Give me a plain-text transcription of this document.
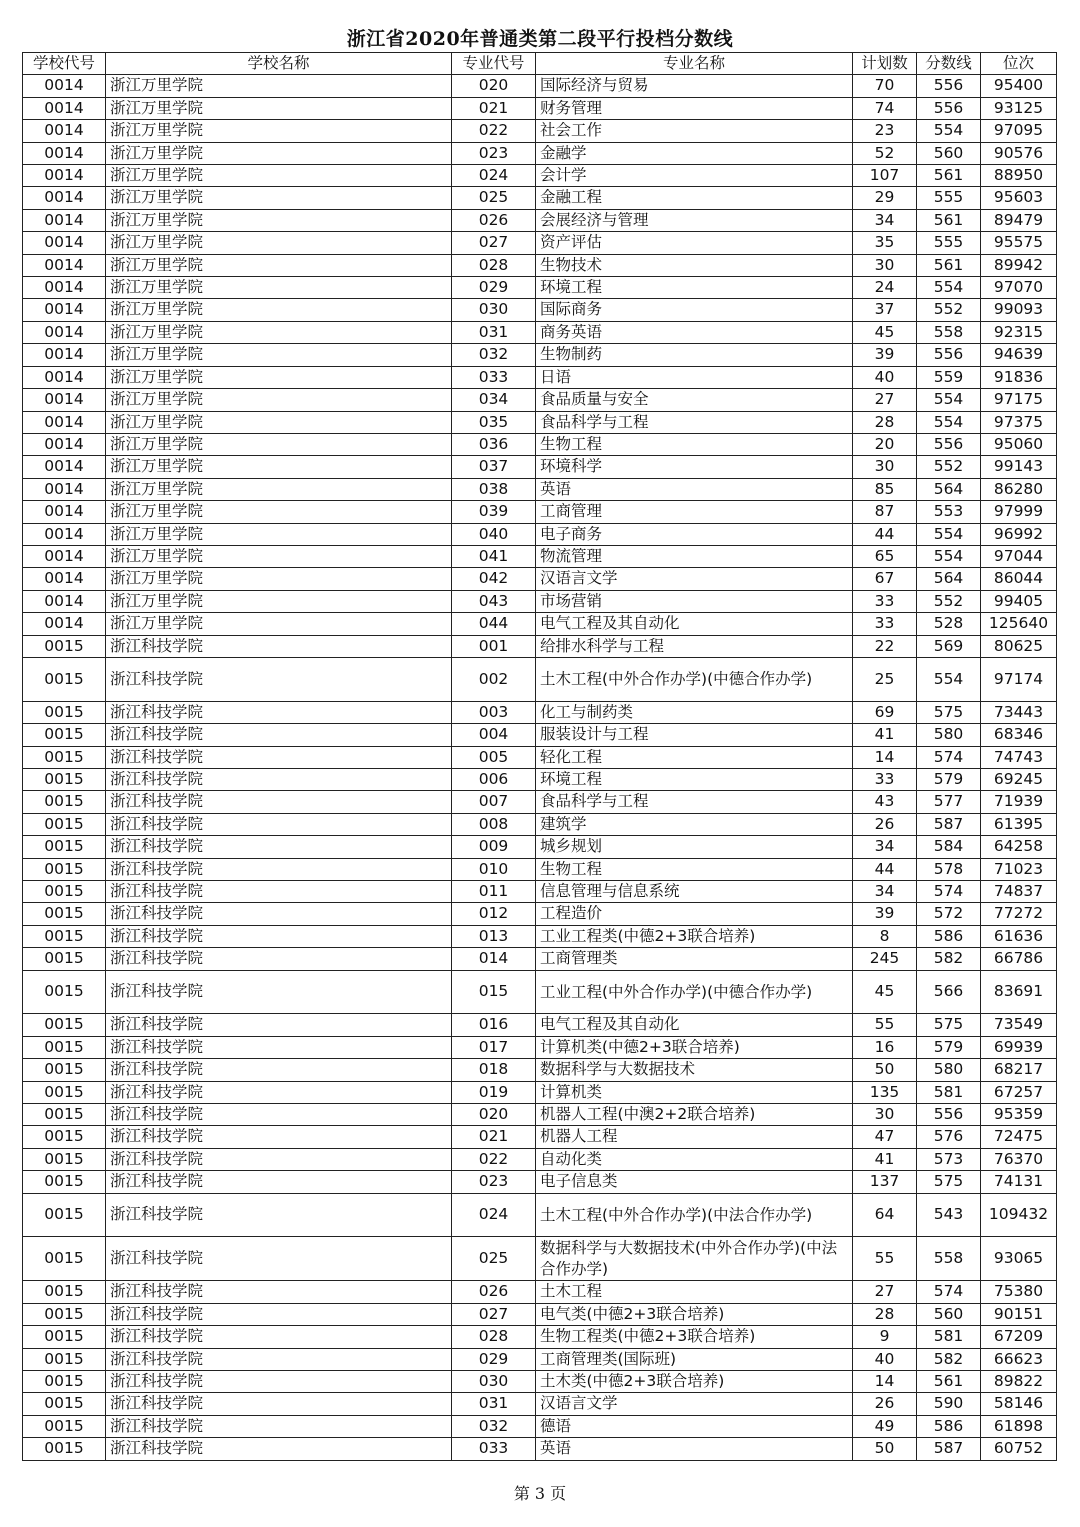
浙江省2020年普通类第二段平行投档分数线
学校代号	学校名称	专业代号	专业名称	计划数	分数线	位次
0014	浙江万里学院	020	国际经济与贸易	70	556	95400
0014	浙江万里学院	021	财务管理	74	556	93125
0014	浙江万里学院	022	社会工作	23	554	97095
0014	浙江万里学院	023	金融学	52	560	90576
0014	浙江万里学院	024	会计学	107	561	88950
0014	浙江万里学院	025	金融工程	29	555	95603
0014	浙江万里学院	026	会展经济与管理	34	561	89479
0014	浙江万里学院	027	资产评估	35	555	95575
0014	浙江万里学院	028	生物技术	30	561	89942
0014	浙江万里学院	029	环境工程	24	554	97070
0014	浙江万里学院	030	国际商务	37	552	99093
0014	浙江万里学院	031	商务英语	45	558	92315
0014	浙江万里学院	032	生物制药	39	556	94639
0014	浙江万里学院	033	日语	40	559	91836
0014	浙江万里学院	034	食品质量与安全	27	554	97175
0014	浙江万里学院	035	食品科学与工程	28	554	97375
0014	浙江万里学院	036	生物工程	20	556	95060
0014	浙江万里学院	037	环境科学	30	552	99143
0014	浙江万里学院	038	英语	85	564	86280
0014	浙江万里学院	039	工商管理	87	553	97999
0014	浙江万里学院	040	电子商务	44	554	96992
0014	浙江万里学院	041	物流管理	65	554	97044
0014	浙江万里学院	042	汉语言文学	67	564	86044
0014	浙江万里学院	043	市场营销	33	552	99405
0014	浙江万里学院	044	电气工程及其自动化	33	528	125640
0015	浙江科技学院	001	给排水科学与工程	22	569	80625
0015	浙江科技学院	002	土木工程(中外合作办学)(中德合作办学)	25	554	97174
0015	浙江科技学院	003	化工与制药类	69	575	73443
0015	浙江科技学院	004	服装设计与工程	41	580	68346
0015	浙江科技学院	005	轻化工程	14	574	74743
0015	浙江科技学院	006	环境工程	33	579	69245
0015	浙江科技学院	007	食品科学与工程	43	577	71939
0015	浙江科技学院	008	建筑学	26	587	61395
0015	浙江科技学院	009	城乡规划	34	584	64258
0015	浙江科技学院	010	生物工程	44	578	71023
0015	浙江科技学院	011	信息管理与信息系统	34	574	74837
0015	浙江科技学院	012	工程造价	39	572	77272
0015	浙江科技学院	013	工业工程类(中德2+3联合培养)	8	586	61636
0015	浙江科技学院	014	工商管理类	245	582	66786
0015	浙江科技学院	015	工业工程(中外合作办学)(中德合作办学)	45	566	83691
0015	浙江科技学院	016	电气工程及其自动化	55	575	73549
0015	浙江科技学院	017	计算机类(中德2+3联合培养)	16	579	69939
0015	浙江科技学院	018	数据科学与大数据技术	50	580	68217
0015	浙江科技学院	019	计算机类	135	581	67257
0015	浙江科技学院	020	机器人工程(中澳2+2联合培养)	30	556	95359
0015	浙江科技学院	021	机器人工程	47	576	72475
0015	浙江科技学院	022	自动化类	41	573	76370
0015	浙江科技学院	023	电子信息类	137	575	74131
0015	浙江科技学院	024	土木工程(中外合作办学)(中法合作办学)	64	543	109432
0015	浙江科技学院	025	数据科学与大数据技术(中外合作办学)(中法合作办学)	55	558	93065
0015	浙江科技学院	026	土木工程	27	574	75380
0015	浙江科技学院	027	电气类(中德2+3联合培养)	28	560	90151
0015	浙江科技学院	028	生物工程类(中德2+3联合培养)	9	581	67209
0015	浙江科技学院	029	工商管理类(国际班)	40	582	66623
0015	浙江科技学院	030	土木类(中德2+3联合培养)	14	561	89822
0015	浙江科技学院	031	汉语言文学	26	590	58146
0015	浙江科技学院	032	德语	49	586	61898
0015	浙江科技学院	033	英语	50	587	60752
第 3 页
